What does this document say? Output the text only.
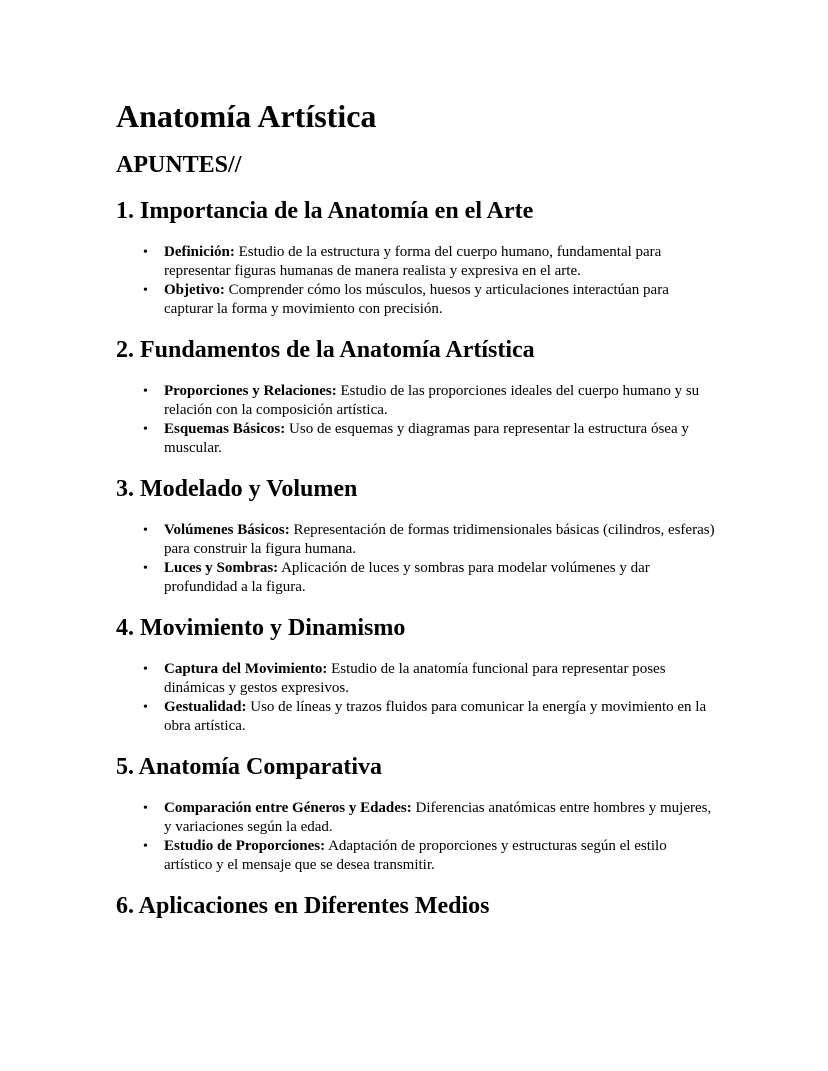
Anatomía Artística
APUNTES//
1. Importancia de la Anatomía en el Arte
• Definición: Estudio de la estructura y forma del cuerpo humano, fundamental para representar figuras humanas de manera realista y expresiva en el arte.
• Objetivo: Comprender cómo los músculos, huesos y articulaciones interactúan para capturar la forma y movimiento con precisión.
2. Fundamentos de la Anatomía Artística
• Proporciones y Relaciones: Estudio de las proporciones ideales del cuerpo humano y su relación con la composición artística.
• Esquemas Básicos: Uso de esquemas y diagramas para representar la estructura ósea y muscular.
3. Modelado y Volumen
• Volúmenes Básicos: Representación de formas tridimensionales básicas (cilindros, esferas) para construir la figura humana.
• Luces y Sombras: Aplicación de luces y sombras para modelar volúmenes y dar profundidad a la figura.
4. Movimiento y Dinamismo
• Captura del Movimiento: Estudio de la anatomía funcional para representar poses dinámicas y gestos expresivos.
• Gestualidad: Uso de líneas y trazos fluidos para comunicar la energía y movimiento en la obra artística.
5. Anatomía Comparativa
• Comparación entre Géneros y Edades: Diferencias anatómicas entre hombres y mujeres, y variaciones según la edad.
• Estudio de Proporciones: Adaptación de proporciones y estructuras según el estilo artístico y el mensaje que se desea transmitir.
6. Aplicaciones en Diferentes Medios
